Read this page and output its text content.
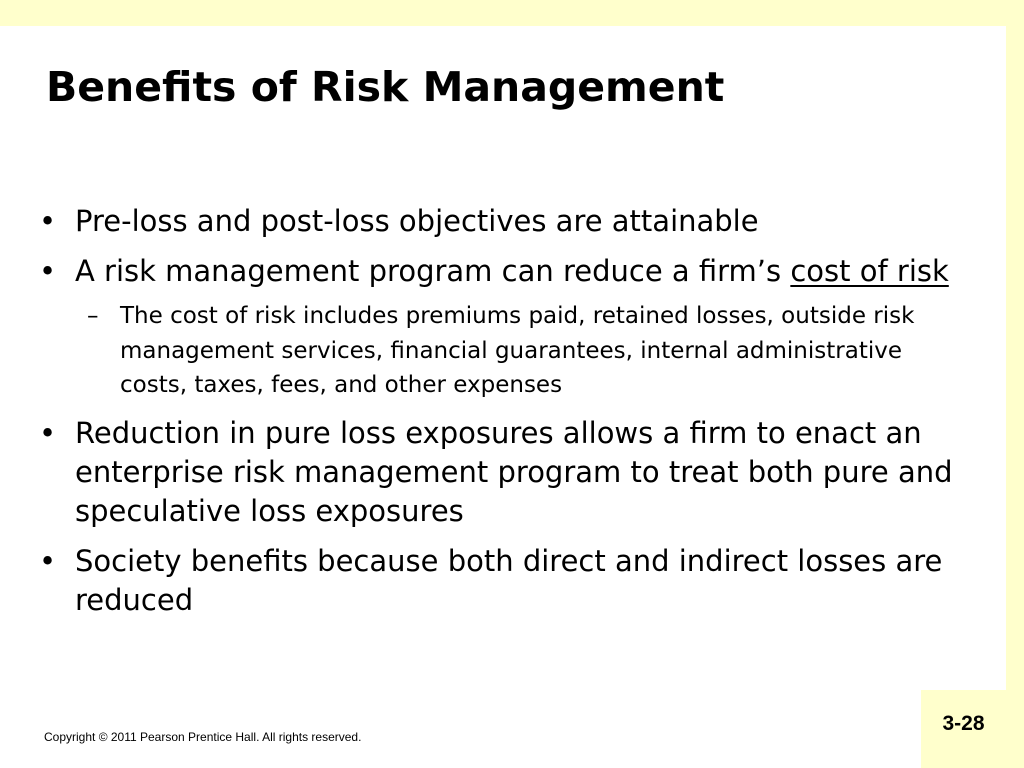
Benefits of Risk Management
• Pre-loss and post-loss objectives are attainable
• A risk management program can reduce a firm’s cost of risk
– The cost of risk includes premiums paid, retained losses, outside risk management services, financial guarantees, internal administrative costs, taxes, fees, and other expenses
• Reduction in pure loss exposures allows a firm to enact an enterprise risk management program to treat both pure and speculative loss exposures
• Society benefits because both direct and indirect losses are reduced

Copyright © 2011 Pearson Prentice Hall. All rights reserved.

3-28
